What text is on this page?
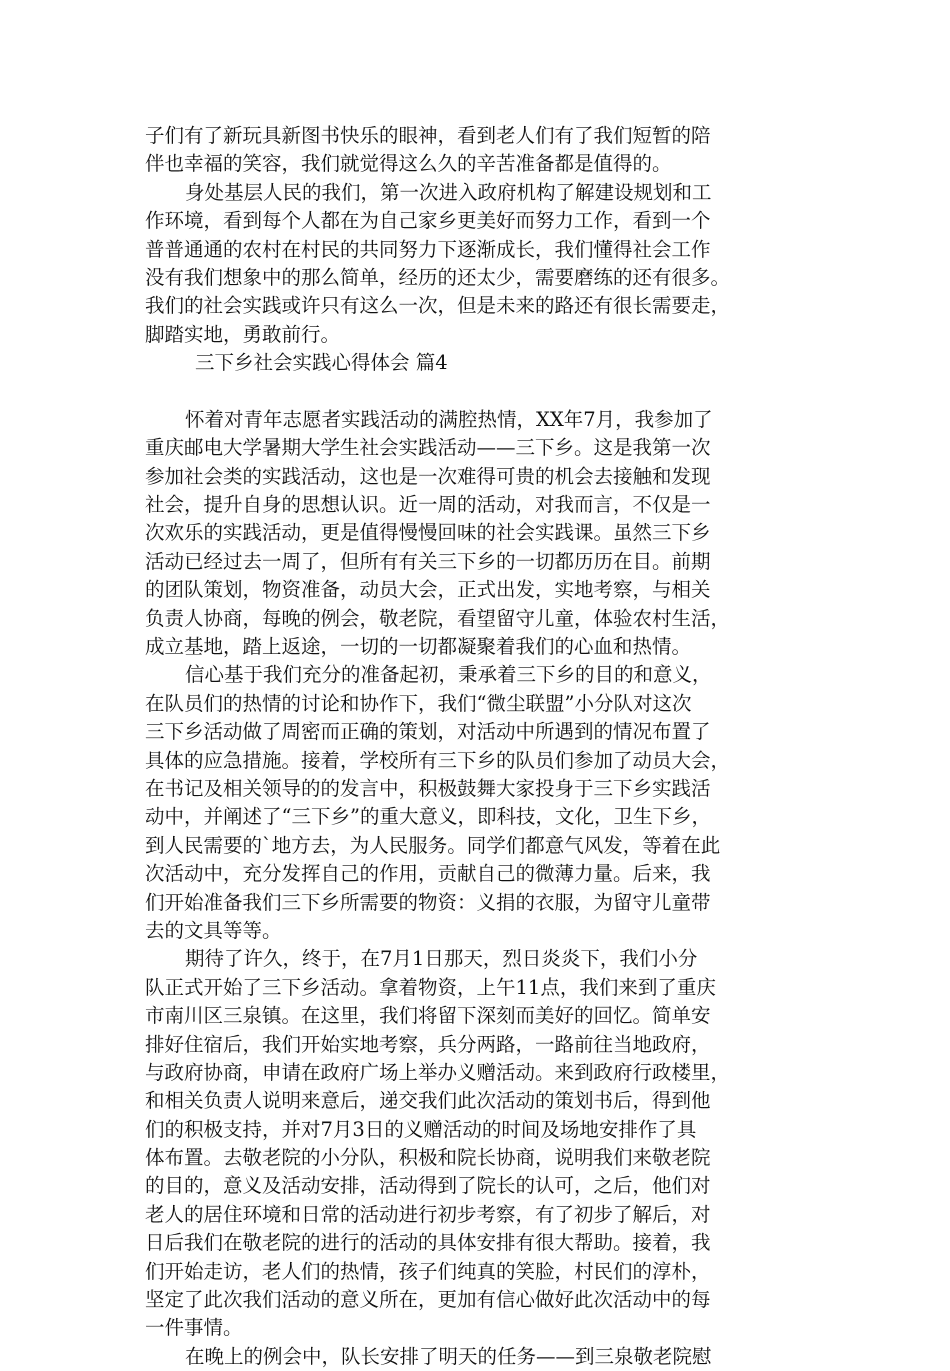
子们有了新玩具新图书快乐的眼神，看到老人们有了我们短暂的陪
伴也幸福的笑容，我们就觉得这么久的辛苦准备都是值得的。
身处基层人民的我们，第一次进入政府机构了解建设规划和工
作环境，看到每个人都在为自己家乡更美好而努力工作，看到一个
普普通通的农村在村民的共同努力下逐渐成长，我们懂得社会工作
没有我们想象中的那么简单，经历的还太少，需要磨练的还有很多。
我们的社会实践或许只有这么一次，但是未来的路还有很长需要走，
脚踏实地，勇敢前行。
三下乡社会实践心得体会 篇4
怀着对青年志愿者实践活动的满腔热情，XX年7月，我参加了
重庆邮电大学暑期大学生社会实践活动——三下乡。这是我第一次
参加社会类的实践活动，这也是一次难得可贵的机会去接触和发现
社会，提升自身的思想认识。近一周的活动，对我而言，不仅是一
次欢乐的实践活动，更是值得慢慢回味的社会实践课。虽然三下乡
活动已经过去一周了，但所有有关三下乡的一切都历历在目。前期
的团队策划，物资准备，动员大会，正式出发，实地考察，与相关
负责人协商，每晚的例会，敬老院，看望留守儿童，体验农村生活，
成立基地，踏上返途，一切的一切都凝聚着我们的心血和热情。
信心基于我们充分的准备起初，秉承着三下乡的目的和意义，
在队员们的热情的讨论和协作下，我们“微尘联盟”小分队对这次
三下乡活动做了周密而正确的策划，对活动中所遇到的情况布置了
具体的应急措施。接着，学校所有三下乡的队员们参加了动员大会，
在书记及相关领导的的发言中，积极鼓舞大家投身于三下乡实践活
动中，并阐述了“三下乡”的重大意义，即科技，文化，卫生下乡，
到人民需要的`地方去，为人民服务。同学们都意气风发，等着在此
次活动中，充分发挥自己的作用，贡献自己的微薄力量。后来，我
们开始准备我们三下乡所需要的物资：义捐的衣服，为留守儿童带
去的文具等等。
期待了许久，终于，在7月1日那天，烈日炎炎下，我们小分
队正式开始了三下乡活动。拿着物资，上午11点，我们来到了重庆
市南川区三泉镇。在这里，我们将留下深刻而美好的回忆。简单安
排好住宿后，我们开始实地考察，兵分两路，一路前往当地政府，
与政府协商，申请在政府广场上举办义赠活动。来到政府行政楼里，
和相关负责人说明来意后，递交我们此次活动的策划书后，得到他
们的积极支持，并对7月3日的义赠活动的时间及场地安排作了具
体布置。去敬老院的小分队，积极和院长协商，说明我们来敬老院
的目的，意义及活动安排，活动得到了院长的认可，之后，他们对
老人的居住环境和日常的活动进行初步考察，有了初步了解后，对
日后我们在敬老院的进行的活动的具体安排有很大帮助。接着，我
们开始走访，老人们的热情，孩子们纯真的笑脸，村民们的淳朴，
坚定了此次我们活动的意义所在，更加有信心做好此次活动中的每
一件事情。
在晚上的例会中，队长安排了明天的任务——到三泉敬老院慰
